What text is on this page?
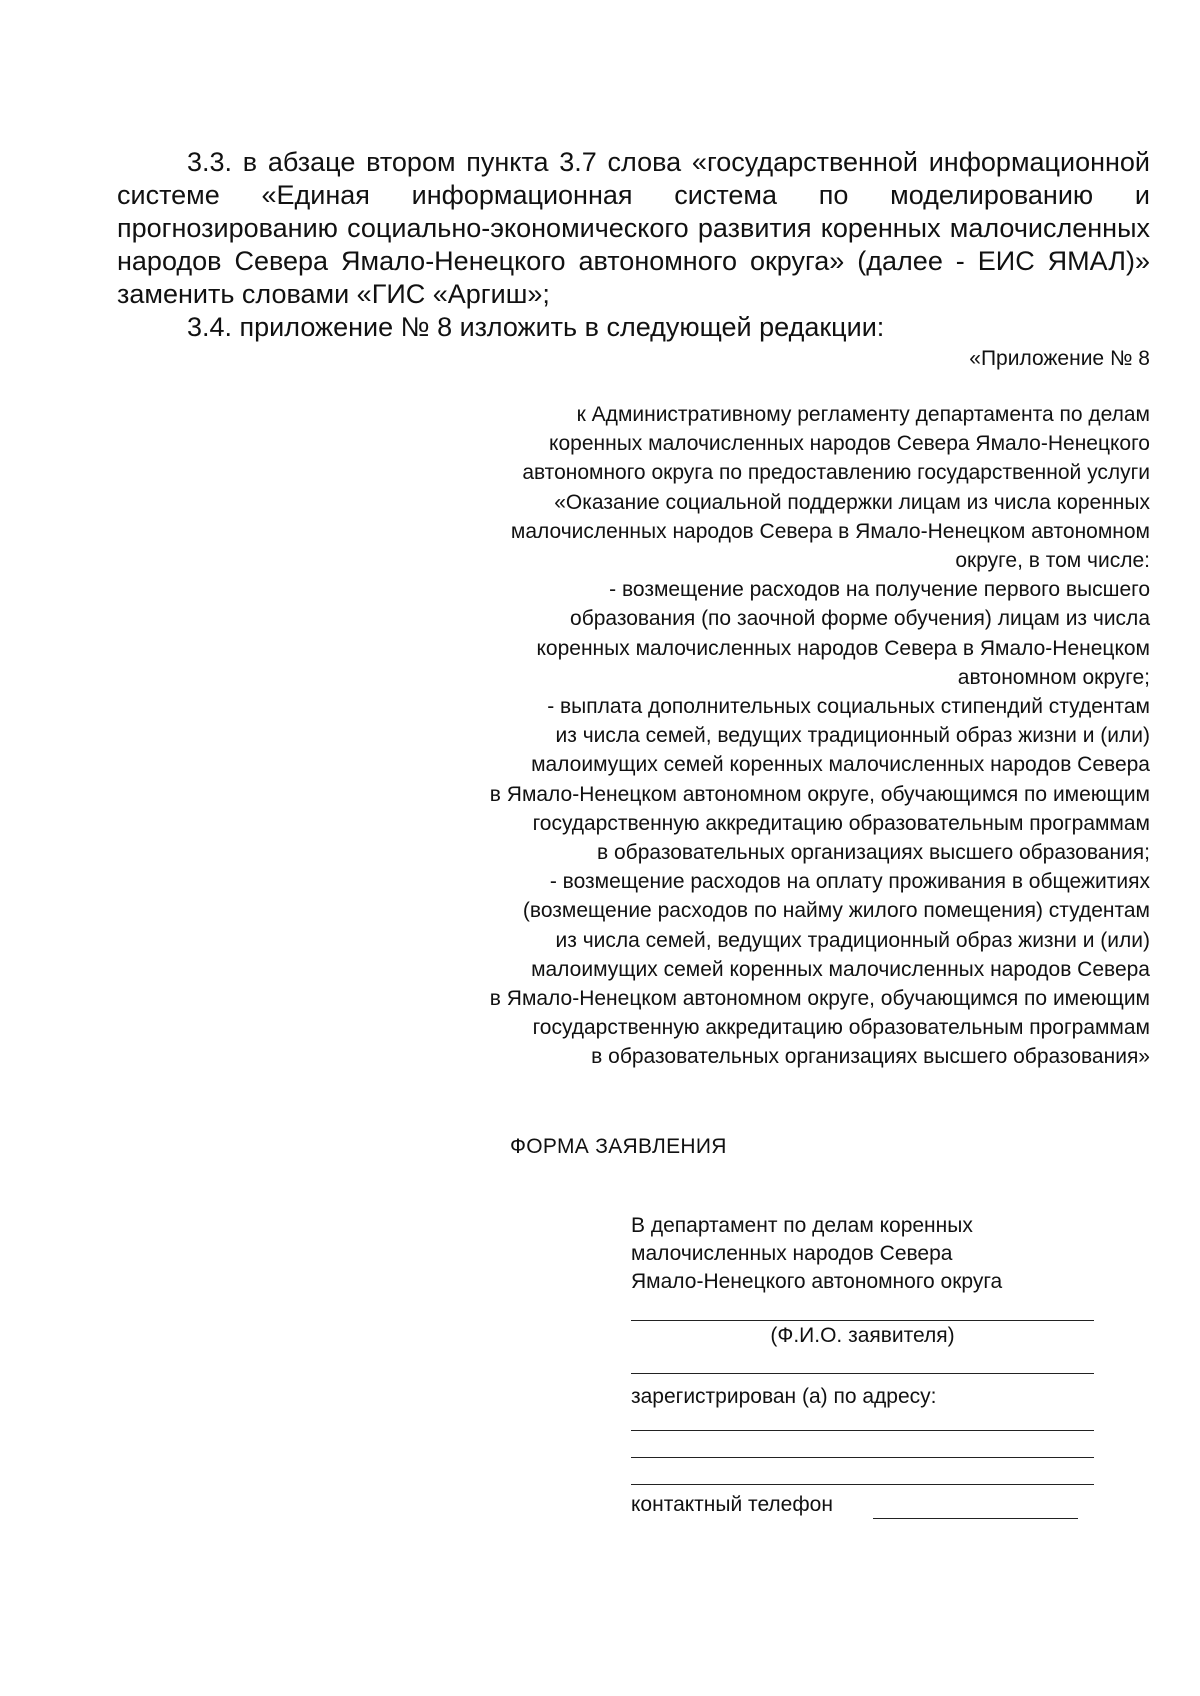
3.3. в абзаце втором пункта 3.7 слова «государственной информационной системе «Единая информационная система по моделированию и прогнозированию социально-экономического развития коренных малочисленных народов Севера Ямало-Ненецкого автономного округа» (далее - ЕИС ЯМАЛ)» заменить словами «ГИС «Аргиш»;

3.4. приложение № 8 изложить в следующей редакции:

«Приложение № 8
к Административному регламенту департамента по делам
коренных малочисленных народов Севера Ямало-Ненецкого
автономного округа по предоставлению государственной услуги
«Оказание социальной поддержки лицам из числа коренных
малочисленных народов Севера в Ямало-Ненецком автономном
округе, в том числе:
- возмещение расходов на получение первого высшего
образования (по заочной форме обучения) лицам из числа
коренных малочисленных народов Севера в Ямало-Ненецком
автономном округе;
- выплата дополнительных социальных стипендий студентам
из числа семей, ведущих традиционный образ жизни и (или)
малоимущих семей коренных малочисленных народов Севера
в Ямало-Ненецком автономном округе, обучающимся по имеющим
государственную аккредитацию образовательным программам
в образовательных организациях высшего образования;
- возмещение расходов на оплату проживания в общежитиях
(возмещение расходов по найму жилого помещения) студентам
из числа семей, ведущих традиционный образ жизни и (или)
малоимущих семей коренных малочисленных народов Севера
в Ямало-Ненецком автономном округе, обучающимся по имеющим
государственную аккредитацию образовательным программам
в образовательных организациях высшего образования»
ФОРМА ЗАЯВЛЕНИЯ
В департамент по делам коренных
малочисленных народов Севера
Ямало-Ненецкого автономного округа
(Ф.И.О. заявителя)
зарегистрирован (а) по адресу:
контактный телефон
